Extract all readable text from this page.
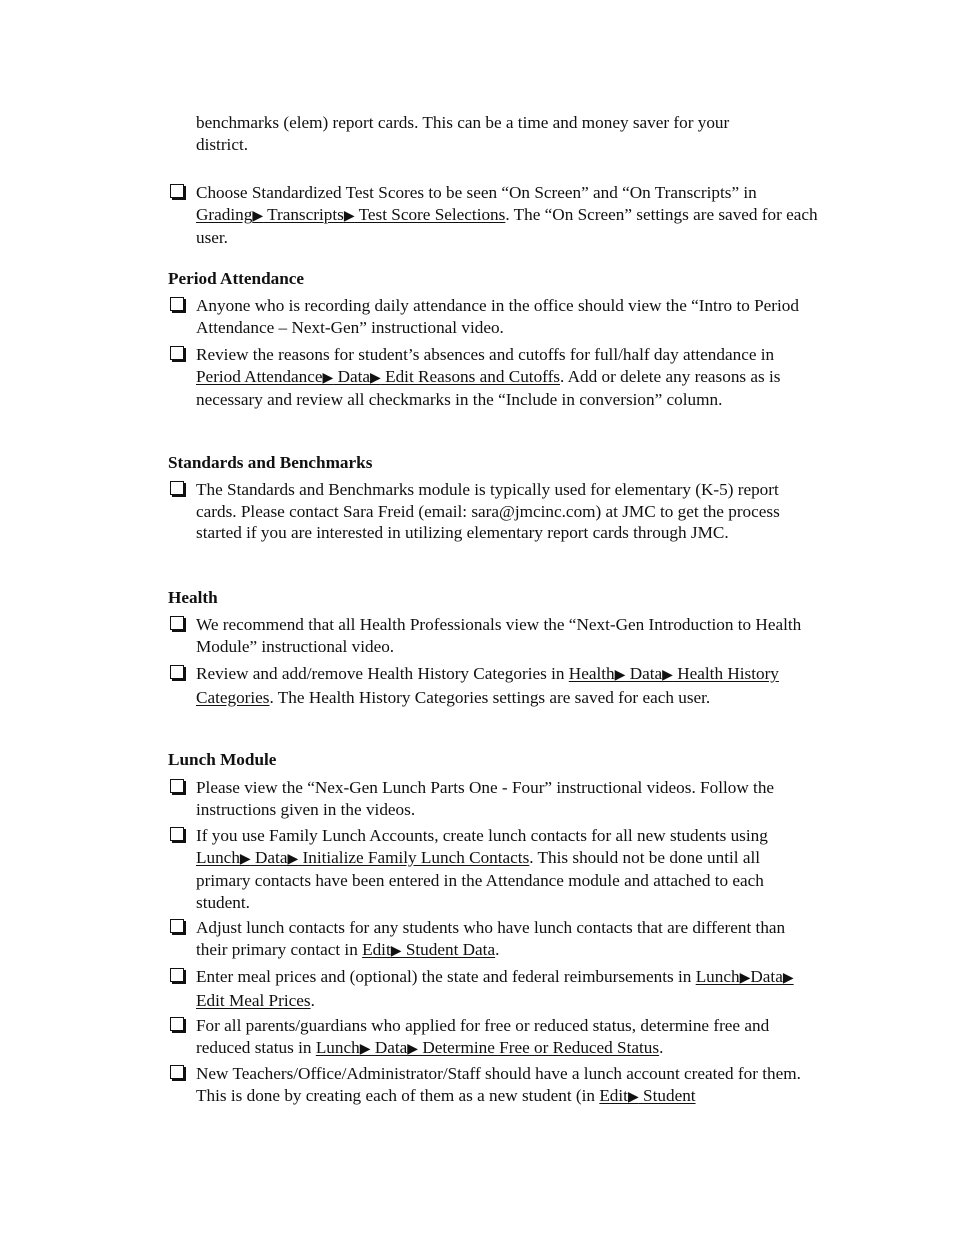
benchmarks (elem) report cards. This can be a time and money saver for your
district.
Choose Standardized Test Scores to be seen “On Screen” and “On Transcripts” in Grading▶ Transcripts▶ Test Score Selections. The “On Screen” settings are saved for each user.
Period Attendance
Anyone who is recording daily attendance in the office should view the “Intro to Period Attendance – Next-Gen” instructional video.
Review the reasons for student’s absences and cutoffs for full/half day attendance in Period Attendance▶ Data▶ Edit Reasons and Cutoffs. Add or delete any reasons as is necessary and review all checkmarks in the “Include in conversion” column.
Standards and Benchmarks
The Standards and Benchmarks module is typically used for elementary (K-5) report cards. Please contact Sara Freid (email: sara@jmcinc.com) at JMC to get the process started if you are interested in utilizing elementary report cards through JMC.
Health
We recommend that all Health Professionals view the “Next-Gen Introduction to Health Module” instructional video.
Review and add/remove Health History Categories in Health▶ Data▶ Health History Categories. The Health History Categories settings are saved for each user.
Lunch Module
Please view the “Nex-Gen Lunch Parts One - Four” instructional videos. Follow the instructions given in the videos.
If you use Family Lunch Accounts, create lunch contacts for all new students using Lunch▶ Data▶ Initialize Family Lunch Contacts. This should not be done until all primary contacts have been entered in the Attendance module and attached to each student.
Adjust lunch contacts for any students who have lunch contacts that are different than their primary contact in Edit▶ Student Data.
Enter meal prices and (optional) the state and federal reimbursements in Lunch▶Data▶ Edit Meal Prices.
For all parents/guardians who applied for free or reduced status, determine free and reduced status in Lunch▶ Data▶ Determine Free or Reduced Status.
New Teachers/Office/Administrator/Staff should have a lunch account created for them. This is done by creating each of them as a new student (in Edit▶ Student
